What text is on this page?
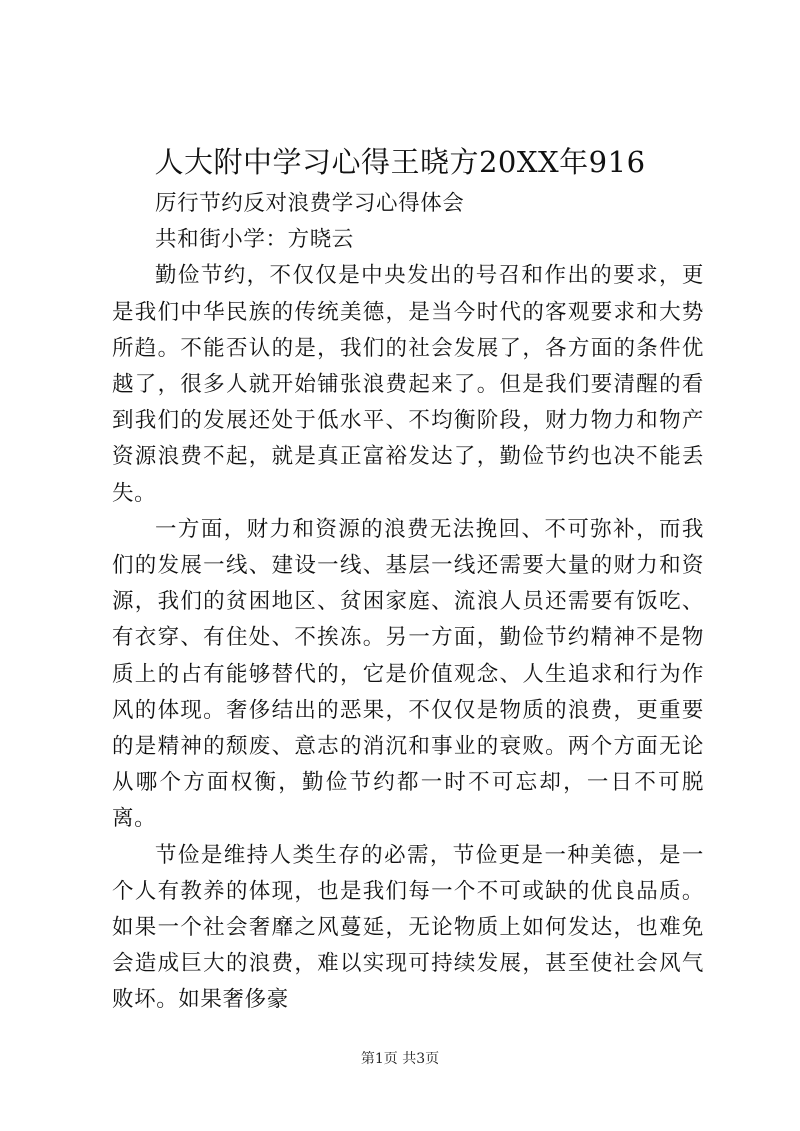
人大附中学习心得王晓方20XX年916

厉行节约反对浪费学习心得体会

共和街小学：方晓云

勤俭节约，不仅仅是中央发出的号召和作出的要求，更是我们中华民族的传统美德，是当今时代的客观要求和大势所趋。不能否认的是，我们的社会发展了，各方面的条件优越了，很多人就开始铺张浪费起来了。但是我们要清醒的看到我们的发展还处于低水平、不均衡阶段，财力物力和物产资源浪费不起，就是真正富裕发达了，勤俭节约也决不能丢失。

一方面，财力和资源的浪费无法挽回、不可弥补，而我们的发展一线、建设一线、基层一线还需要大量的财力和资源，我们的贫困地区、贫困家庭、流浪人员还需要有饭吃、有衣穿、有住处、不挨冻。另一方面，勤俭节约精神不是物质上的占有能够替代的，它是价值观念、人生追求和行为作风的体现。奢侈结出的恶果，不仅仅是物质的浪费，更重要的是精神的颓废、意志的消沉和事业的衰败。两个方面无论从哪个方面权衡，勤俭节约都一时不可忘却，一日不可脱离。

节俭是维持人类生存的必需，节俭更是一种美德，是一个人有教养的体现，也是我们每一个不可或缺的优良品质。如果一个社会奢靡之风蔓延，无论物质上如何发达，也难免会造成巨大的浪费，难以实现可持续发展，甚至使社会风气败坏。如果奢侈豪

第1页 共3页
